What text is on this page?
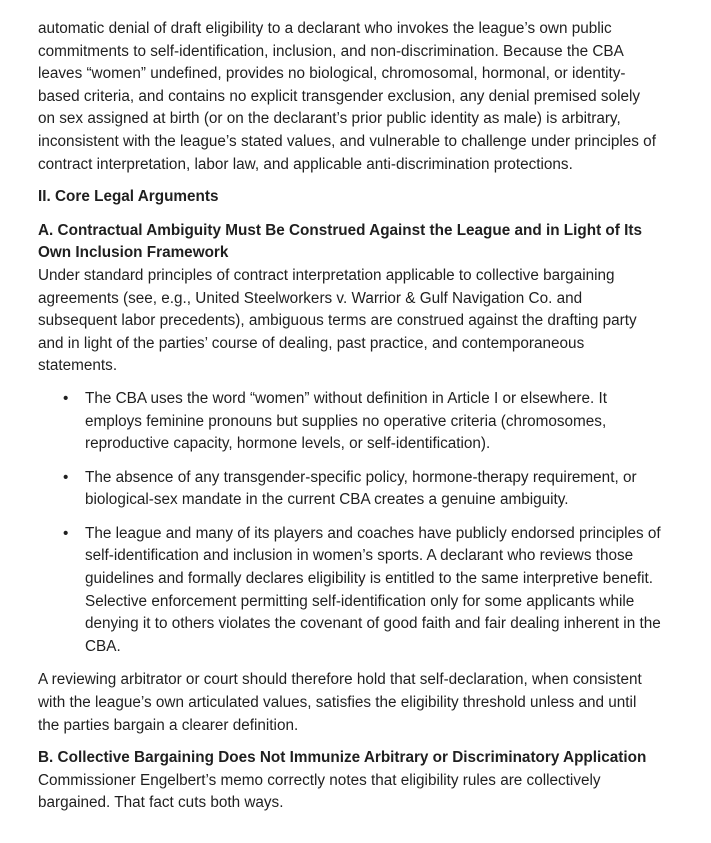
automatic denial of draft eligibility to a declarant who invokes the league’s own public commitments to self-identification, inclusion, and non-discrimination. Because the CBA leaves “women” undefined, provides no biological, chromosomal, hormonal, or identity-based criteria, and contains no explicit transgender exclusion, any denial premised solely on sex assigned at birth (or on the declarant’s prior public identity as male) is arbitrary, inconsistent with the league’s stated values, and vulnerable to challenge under principles of contract interpretation, labor law, and applicable anti-discrimination protections.

II. Core Legal Arguments

A. Contractual Ambiguity Must Be Construed Against the League and in Light of Its Own Inclusion Framework

Under standard principles of contract interpretation applicable to collective bargaining agreements (see, e.g., United Steelworkers v. Warrior & Gulf Navigation Co. and subsequent labor precedents), ambiguous terms are construed against the drafting party and in light of the parties’ course of dealing, past practice, and contemporaneous statements.

• The CBA uses the word “women” without definition in Article I or elsewhere. It employs feminine pronouns but supplies no operative criteria (chromosomes, reproductive capacity, hormone levels, or self-identification).
• The absence of any transgender-specific policy, hormone-therapy requirement, or biological-sex mandate in the current CBA creates a genuine ambiguity.
• The league and many of its players and coaches have publicly endorsed principles of self-identification and inclusion in women’s sports. A declarant who reviews those guidelines and formally declares eligibility is entitled to the same interpretive benefit. Selective enforcement permitting self-identification only for some applicants while denying it to others violates the covenant of good faith and fair dealing inherent in the CBA.

A reviewing arbitrator or court should therefore hold that self-declaration, when consistent with the league’s own articulated values, satisfies the eligibility threshold unless and until the parties bargain a clearer definition.

B. Collective Bargaining Does Not Immunize Arbitrary or Discriminatory Application

Commissioner Engelbert’s memo correctly notes that eligibility rules are collectively bargained. That fact cuts both ways.
